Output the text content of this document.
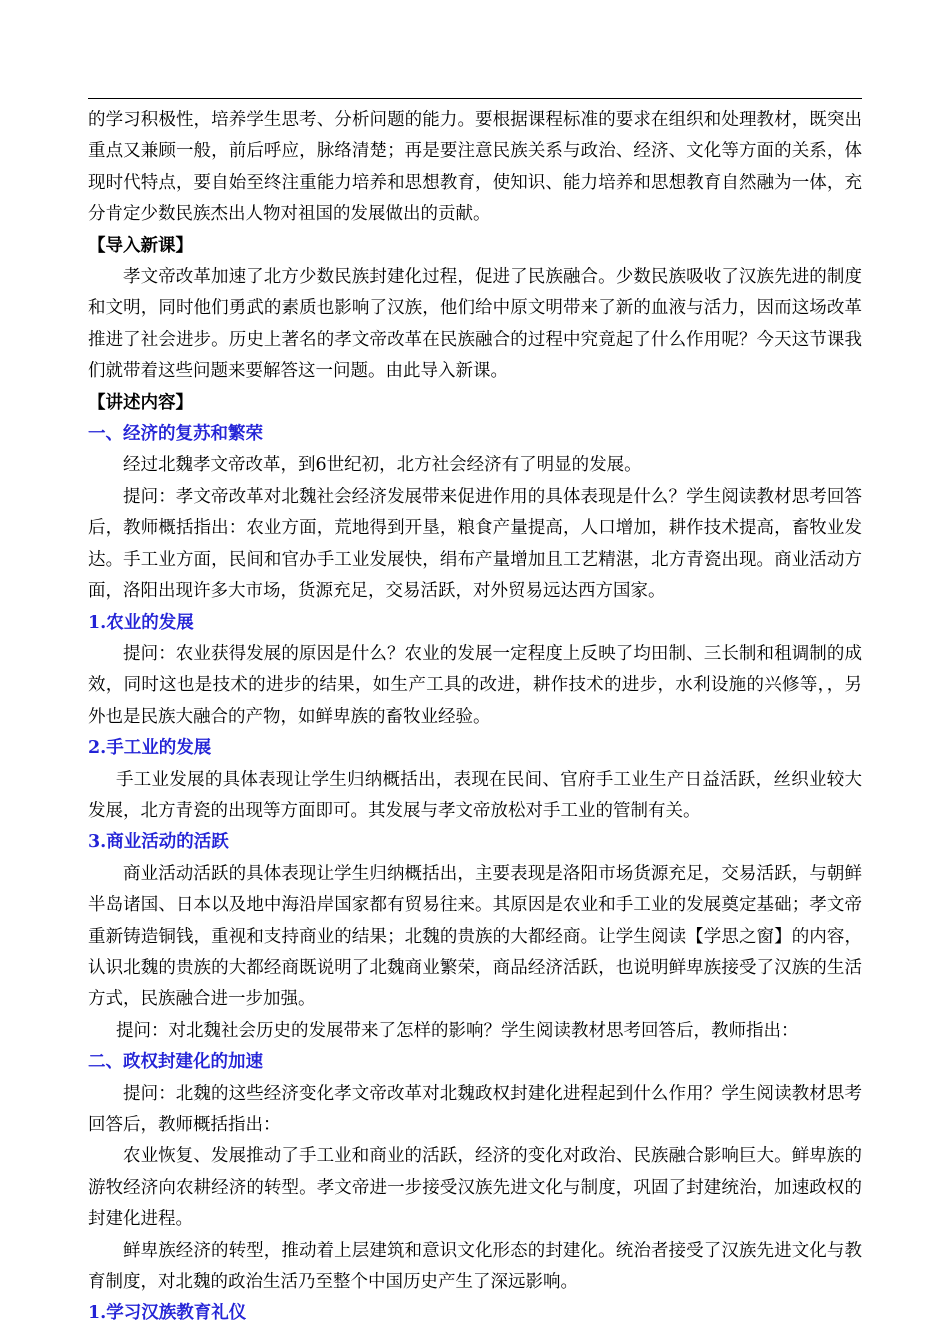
的学习积极性，培养学生思考、分析问题的能力。要根据课程标准的要求在组织和处理教材，既突出重点又兼顾一般，前后呼应，脉络清楚；再是要注意民族关系与政治、经济、文化等方面的关系，体现时代特点，要自始至终注重能力培养和思想教育，使知识、能力培养和思想教育自然融为一体，充分肯定少数民族杰出人物对祖国的发展做出的贡献。

【导入新课】

孝文帝改革加速了北方少数民族封建化过程，促进了民族融合。少数民族吸收了汉族先进的制度和文明，同时他们勇武的素质也影响了汉族，他们给中原文明带来了新的血液与活力，因而这场改革推进了社会进步。历史上著名的孝文帝改革在民族融合的过程中究竟起了什么作用呢？今天这节课我们就带着这些问题来要解答这一问题。由此导入新课。

【讲述内容】

一、经济的复苏和繁荣

经过北魏孝文帝改革，到6世纪初，北方社会经济有了明显的发展。

提问：孝文帝改革对北魏社会经济发展带来促进作用的具体表现是什么？学生阅读教材思考回答后，教师概括指出：农业方面，荒地得到开垦，粮食产量提高，人口增加，耕作技术提高，畜牧业发达。手工业方面，民间和官办手工业发展快，绢布产量增加且工艺精湛，北方青瓷出现。商业活动方面，洛阳出现许多大市场，货源充足，交易活跃，对外贸易远达西方国家。

1.农业的发展

提问：农业获得发展的原因是什么？农业的发展一定程度上反映了均田制、三长制和租调制的成效，同时这也是技术的进步的结果，如生产工具的改进，耕作技术的进步，水利设施的兴修等，，另外也是民族大融合的产物，如鲜卑族的畜牧业经验。

2.手工业的发展

手工业发展的具体表现让学生归纳概括出，表现在民间、官府手工业生产日益活跃，丝织业较大发展，北方青瓷的出现等方面即可。其发展与孝文帝放松对手工业的管制有关。

3.商业活动的活跃

商业活动活跃的具体表现让学生归纳概括出，主要表现是洛阳市场货源充足，交易活跃，与朝鲜半岛诸国、日本以及地中海沿岸国家都有贸易往来。其原因是农业和手工业的发展奠定基础；孝文帝重新铸造铜钱，重视和支持商业的结果；北魏的贵族的大都经商。让学生阅读【学思之窗】的内容，认识北魏的贵族的大都经商既说明了北魏商业繁荣，商品经济活跃，也说明鲜卑族接受了汉族的生活方式，民族融合进一步加强。

提问：对北魏社会历史的发展带来了怎样的影响？学生阅读教材思考回答后，教师指出：

二、政权封建化的加速

提问：北魏的这些经济变化孝文帝改革对北魏政权封建化进程起到什么作用？学生阅读教材思考回答后，教师概括指出：

农业恢复、发展推动了手工业和商业的活跃，经济的变化对政治、民族融合影响巨大。鲜卑族的游牧经济向农耕经济的转型。孝文帝进一步接受汉族先进文化与制度，巩固了封建统治，加速政权的封建化进程。

鲜卑族经济的转型，推动着上层建筑和意识文化形态的封建化。统治者接受了汉族先进文化与教育制度，对北魏的政治生活乃至整个中国历史产生了深远影响。

1.学习汉族教育礼仪
